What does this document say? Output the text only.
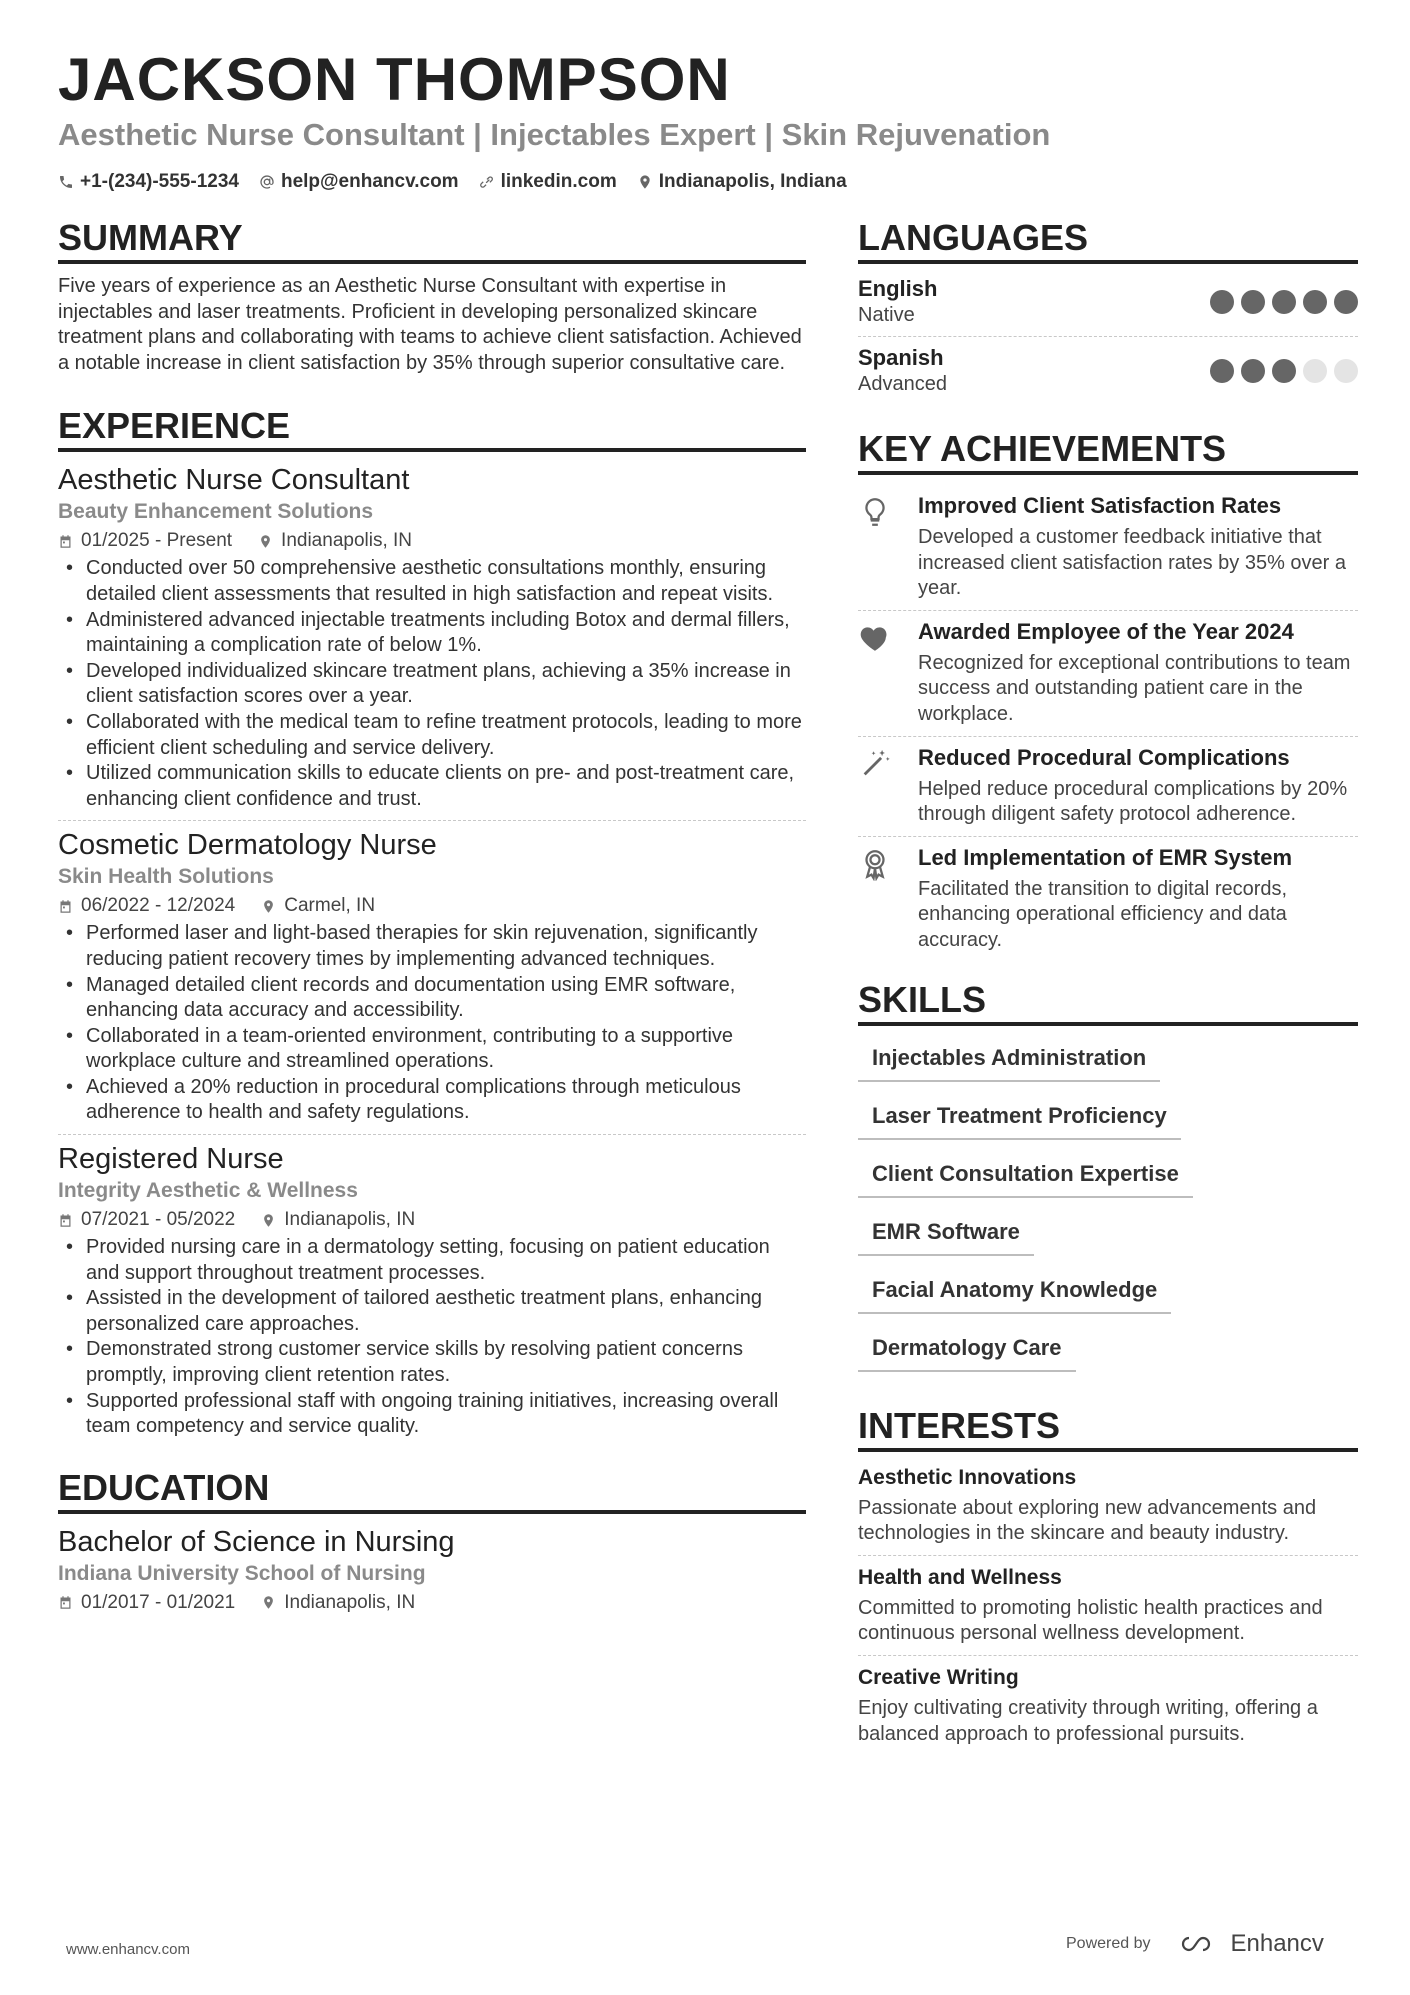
JACKSON THOMPSON
Aesthetic Nurse Consultant | Injectables Expert | Skin Rejuvenation
+1-(234)-555-1234 help@enhancv.com linkedin.com Indianapolis, Indiana
SUMMARY
Five years of experience as an Aesthetic Nurse Consultant with expertise in injectables and laser treatments. Proficient in developing personalized skincare treatment plans and collaborating with teams to achieve client satisfaction. Achieved a notable increase in client satisfaction by 35% through superior consultative care.
EXPERIENCE
Aesthetic Nurse Consultant
Beauty Enhancement Solutions
01/2025 - Present	Indianapolis, IN
• Conducted over 50 comprehensive aesthetic consultations monthly, ensuring detailed client assessments that resulted in high satisfaction and repeat visits.
• Administered advanced injectable treatments including Botox and dermal fillers, maintaining a complication rate of below 1%.
• Developed individualized skincare treatment plans, achieving a 35% increase in client satisfaction scores over a year.
• Collaborated with the medical team to refine treatment protocols, leading to more efficient client scheduling and service delivery.
• Utilized communication skills to educate clients on pre- and post-treatment care, enhancing client confidence and trust.
Cosmetic Dermatology Nurse
Skin Health Solutions
06/2022 - 12/2024	Carmel, IN
• Performed laser and light-based therapies for skin rejuvenation, significantly reducing patient recovery times by implementing advanced techniques.
• Managed detailed client records and documentation using EMR software, enhancing data accuracy and accessibility.
• Collaborated in a team-oriented environment, contributing to a supportive workplace culture and streamlined operations.
• Achieved a 20% reduction in procedural complications through meticulous adherence to health and safety regulations.
Registered Nurse
Integrity Aesthetic & Wellness
07/2021 - 05/2022	Indianapolis, IN
• Provided nursing care in a dermatology setting, focusing on patient education and support throughout treatment processes.
• Assisted in the development of tailored aesthetic treatment plans, enhancing personalized care approaches.
• Demonstrated strong customer service skills by resolving patient concerns promptly, improving client retention rates.
• Supported professional staff with ongoing training initiatives, increasing overall team competency and service quality.
EDUCATION
Bachelor of Science in Nursing
Indiana University School of Nursing
01/2017 - 01/2021	Indianapolis, IN
LANGUAGES
English
Native
Spanish
Advanced
KEY ACHIEVEMENTS
Improved Client Satisfaction Rates
Developed a customer feedback initiative that increased client satisfaction rates by 35% over a year.
Awarded Employee of the Year 2024
Recognized for exceptional contributions to team success and outstanding patient care in the workplace.
Reduced Procedural Complications
Helped reduce procedural complications by 20% through diligent safety protocol adherence.
Led Implementation of EMR System
Facilitated the transition to digital records, enhancing operational efficiency and data accuracy.
SKILLS
Injectables Administration
Laser Treatment Proficiency
Client Consultation Expertise
EMR Software
Facial Anatomy Knowledge
Dermatology Care
INTERESTS
Aesthetic Innovations
Passionate about exploring new advancements and technologies in the skincare and beauty industry.
Health and Wellness
Committed to promoting holistic health practices and continuous personal wellness development.
Creative Writing
Enjoy cultivating creativity through writing, offering a balanced approach to professional pursuits.
www.enhancv.com	Powered by	Enhancv
